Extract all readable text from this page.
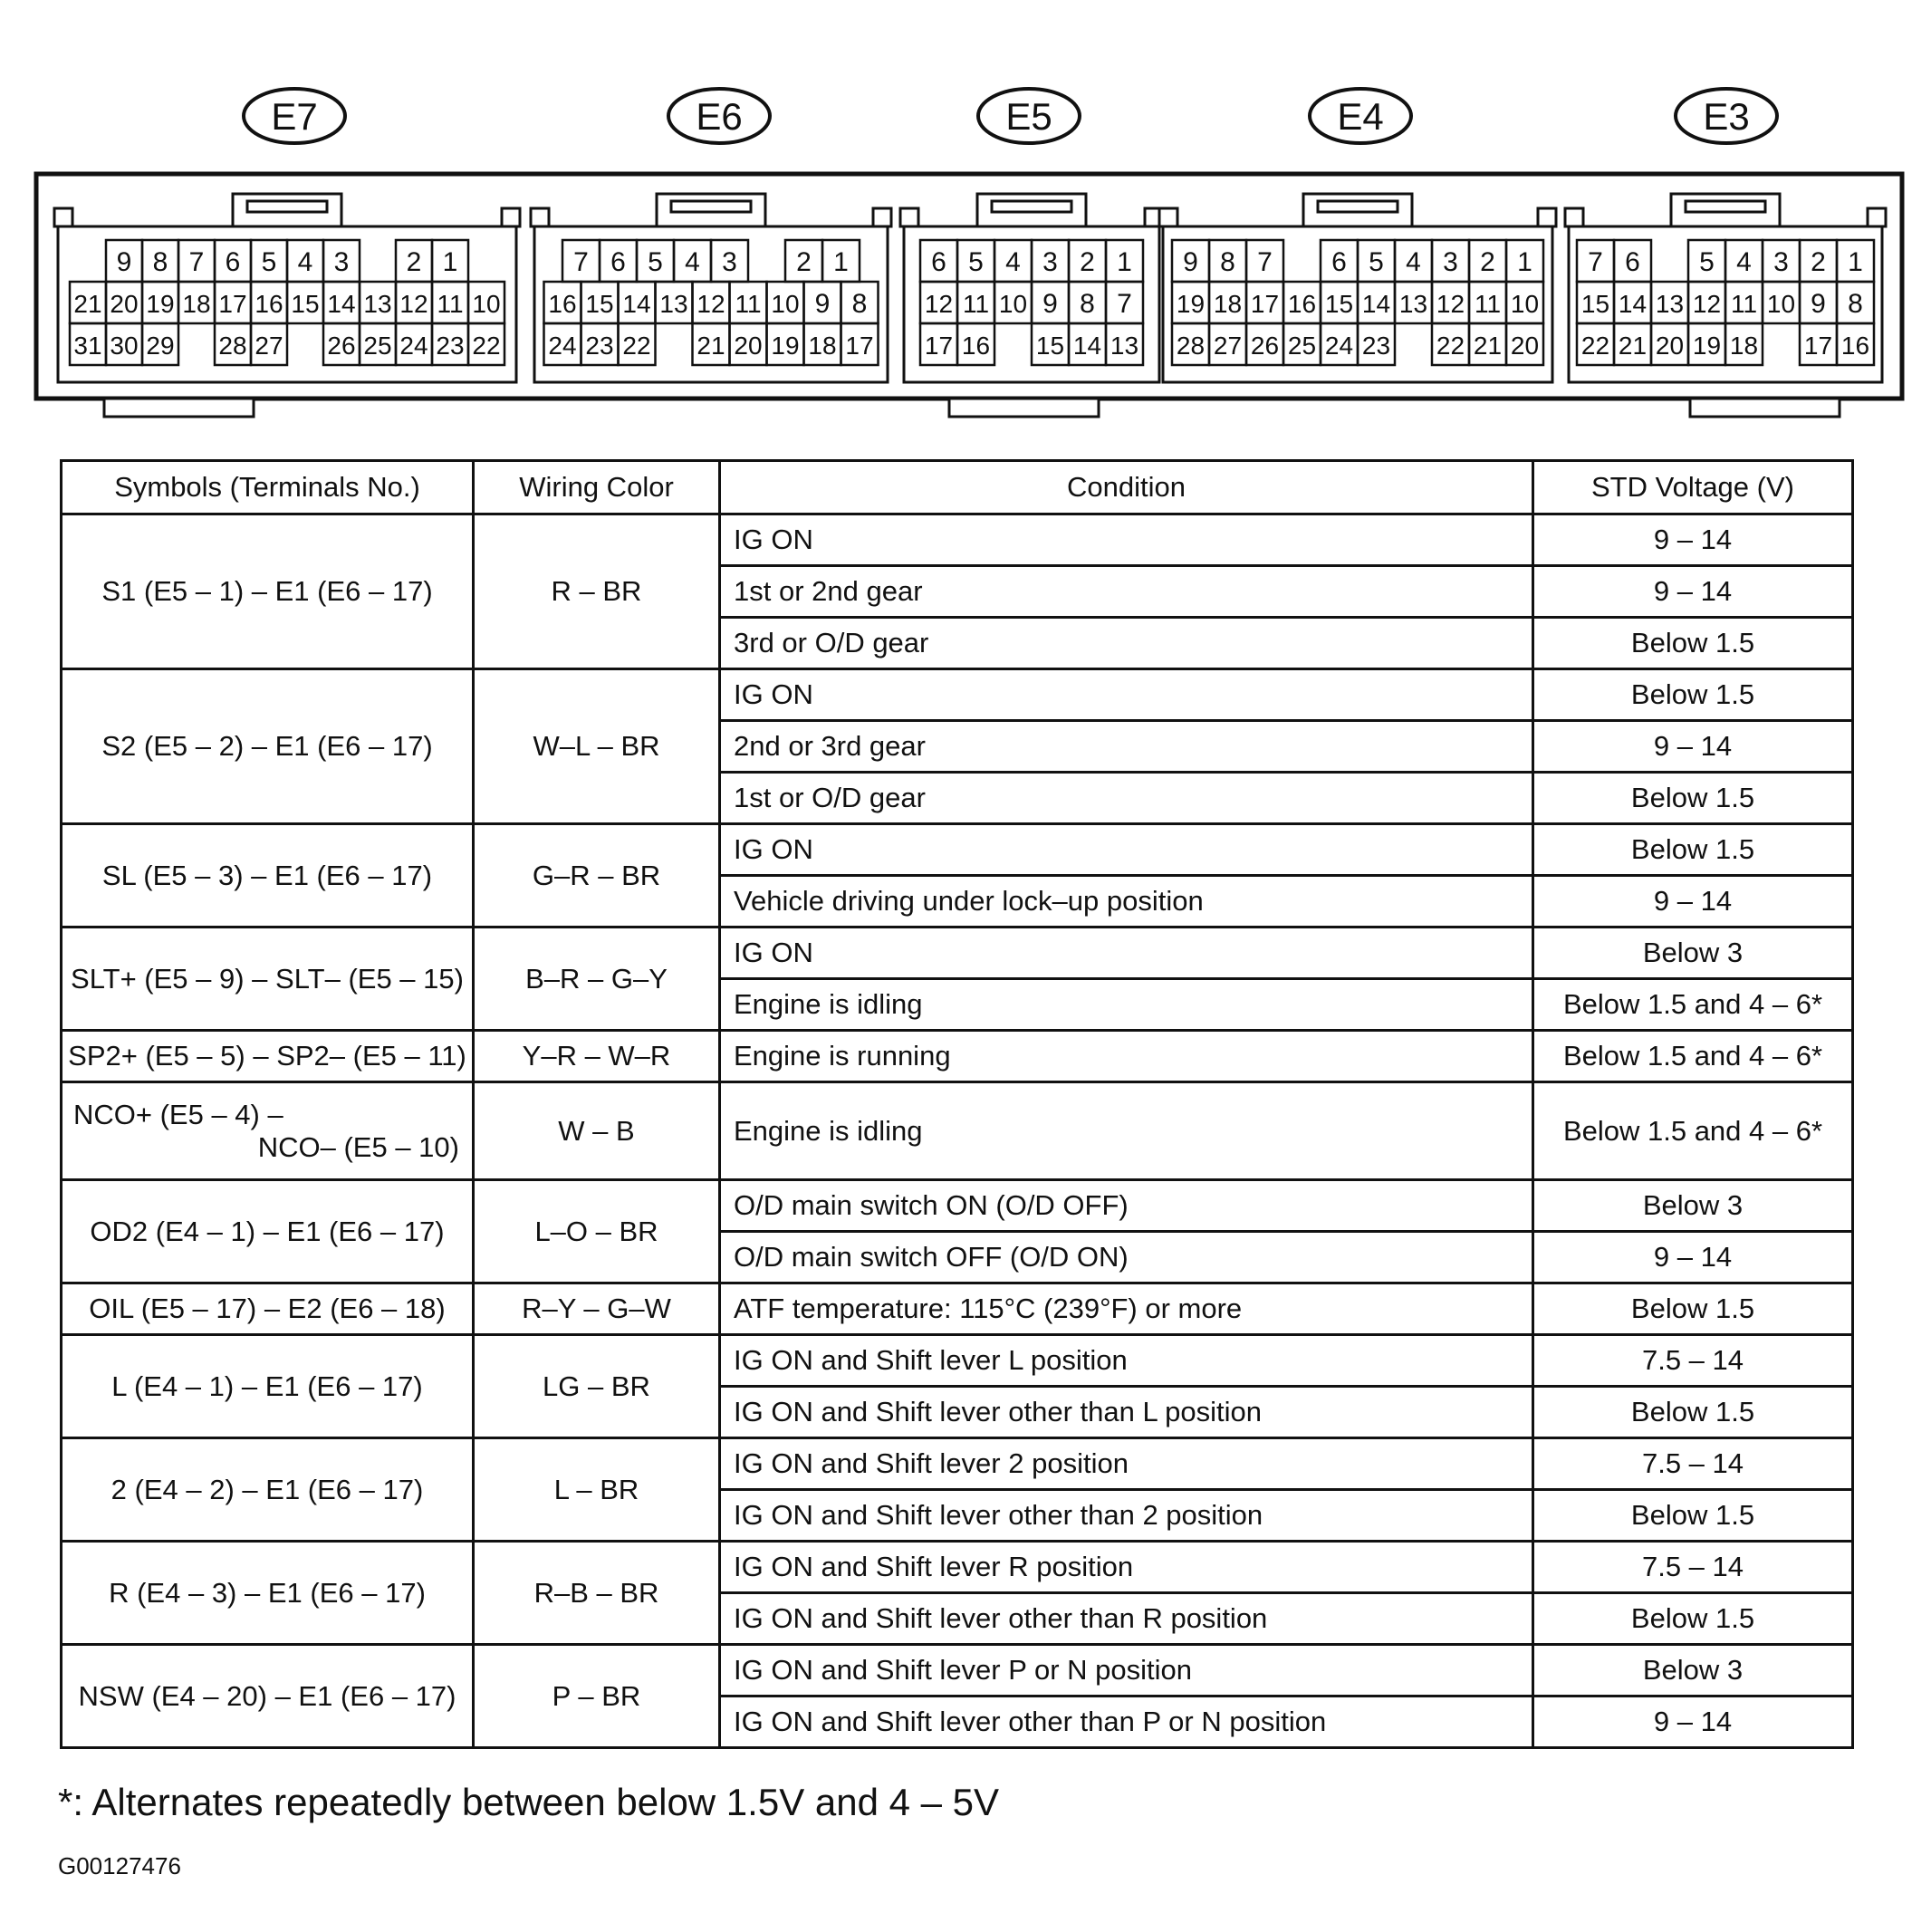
E7
9 8 7 6 5 4 3 2 1
21 20 19 18 17 16 15 14 13 12 11 10
31 30 29 28 27 26 25 24 23 22
E6
7 6 5 4 3 2 1
16 15 14 13 12 11 10 9 8
24 23 22 21 20 19 18 17
E5
6 5 4 3 2 1
12 11 10 9 8 7
17 16 15 14 13
E4
9 8 7 6 5 4 3 2 1
19 18 17 16 15 14 13 12 11 10
28 27 26 25 24 23 22 21 20
E3
7 6 5 4 3 2 1
15 14 13 12 11 10 9 8
22 21 20 19 18 17 16
Symbols (Terminals No.)	Wiring Color	Condition	STD Voltage (V)
S1 (E5 – 1) – E1 (E6 – 17)	R – BR	IG ON	9 – 14
		1st or 2nd gear	9 – 14
		3rd or O/D gear	Below 1.5
S2 (E5 – 2) – E1 (E6 – 17)	W–L – BR	IG ON	Below 1.5
		2nd or 3rd gear	9 – 14
		1st or O/D gear	Below 1.5
SL (E5 – 3) – E1 (E6 – 17)	G–R – BR	IG ON	Below 1.5
		Vehicle driving under lock–up position	9 – 14
SLT+ (E5 – 9) – SLT– (E5 – 15)	B–R – G–Y	IG ON	Below 3
		Engine is idling	Below 1.5 and 4 – 6*
SP2+ (E5 – 5) – SP2– (E5 – 11)	Y–R – W–R	Engine is running	Below 1.5 and 4 – 6*

NCO+ (E5 – 4) –
NCO– (E5 – 10)	W – B	Engine is idling	Below 1.5 and 4 – 6*
OD2 (E4 – 1) – E1 (E6 – 17)	L–O – BR	O/D main switch ON (O/D OFF)	Below 3
		O/D main switch OFF (O/D ON)	9 – 14
OIL (E5 – 17) – E2 (E6 – 18)	R–Y – G–W	ATF temperature: 115°C (239°F) or more	Below 1.5
L (E4 – 1) – E1 (E6 – 17)	LG – BR	IG ON and Shift lever L position	7.5 – 14
		IG ON and Shift lever other than L position	Below 1.5
2 (E4 – 2) – E1 (E6 – 17)	L – BR	IG ON and Shift lever 2 position	7.5 – 14
		IG ON and Shift lever other than 2 position	Below 1.5
R (E4 – 3) – E1 (E6 – 17)	R–B – BR	IG ON and Shift lever R position	7.5 – 14
		IG ON and Shift lever other than R position	Below 1.5
NSW (E4 – 20) – E1 (E6 – 17)	P – BR	IG ON and Shift lever P or N position	Below 3
		IG ON and Shift lever other than P or N position	9 – 14
*: Alternates repeatedly between below 1.5V and 4 – 5V
G00127476
